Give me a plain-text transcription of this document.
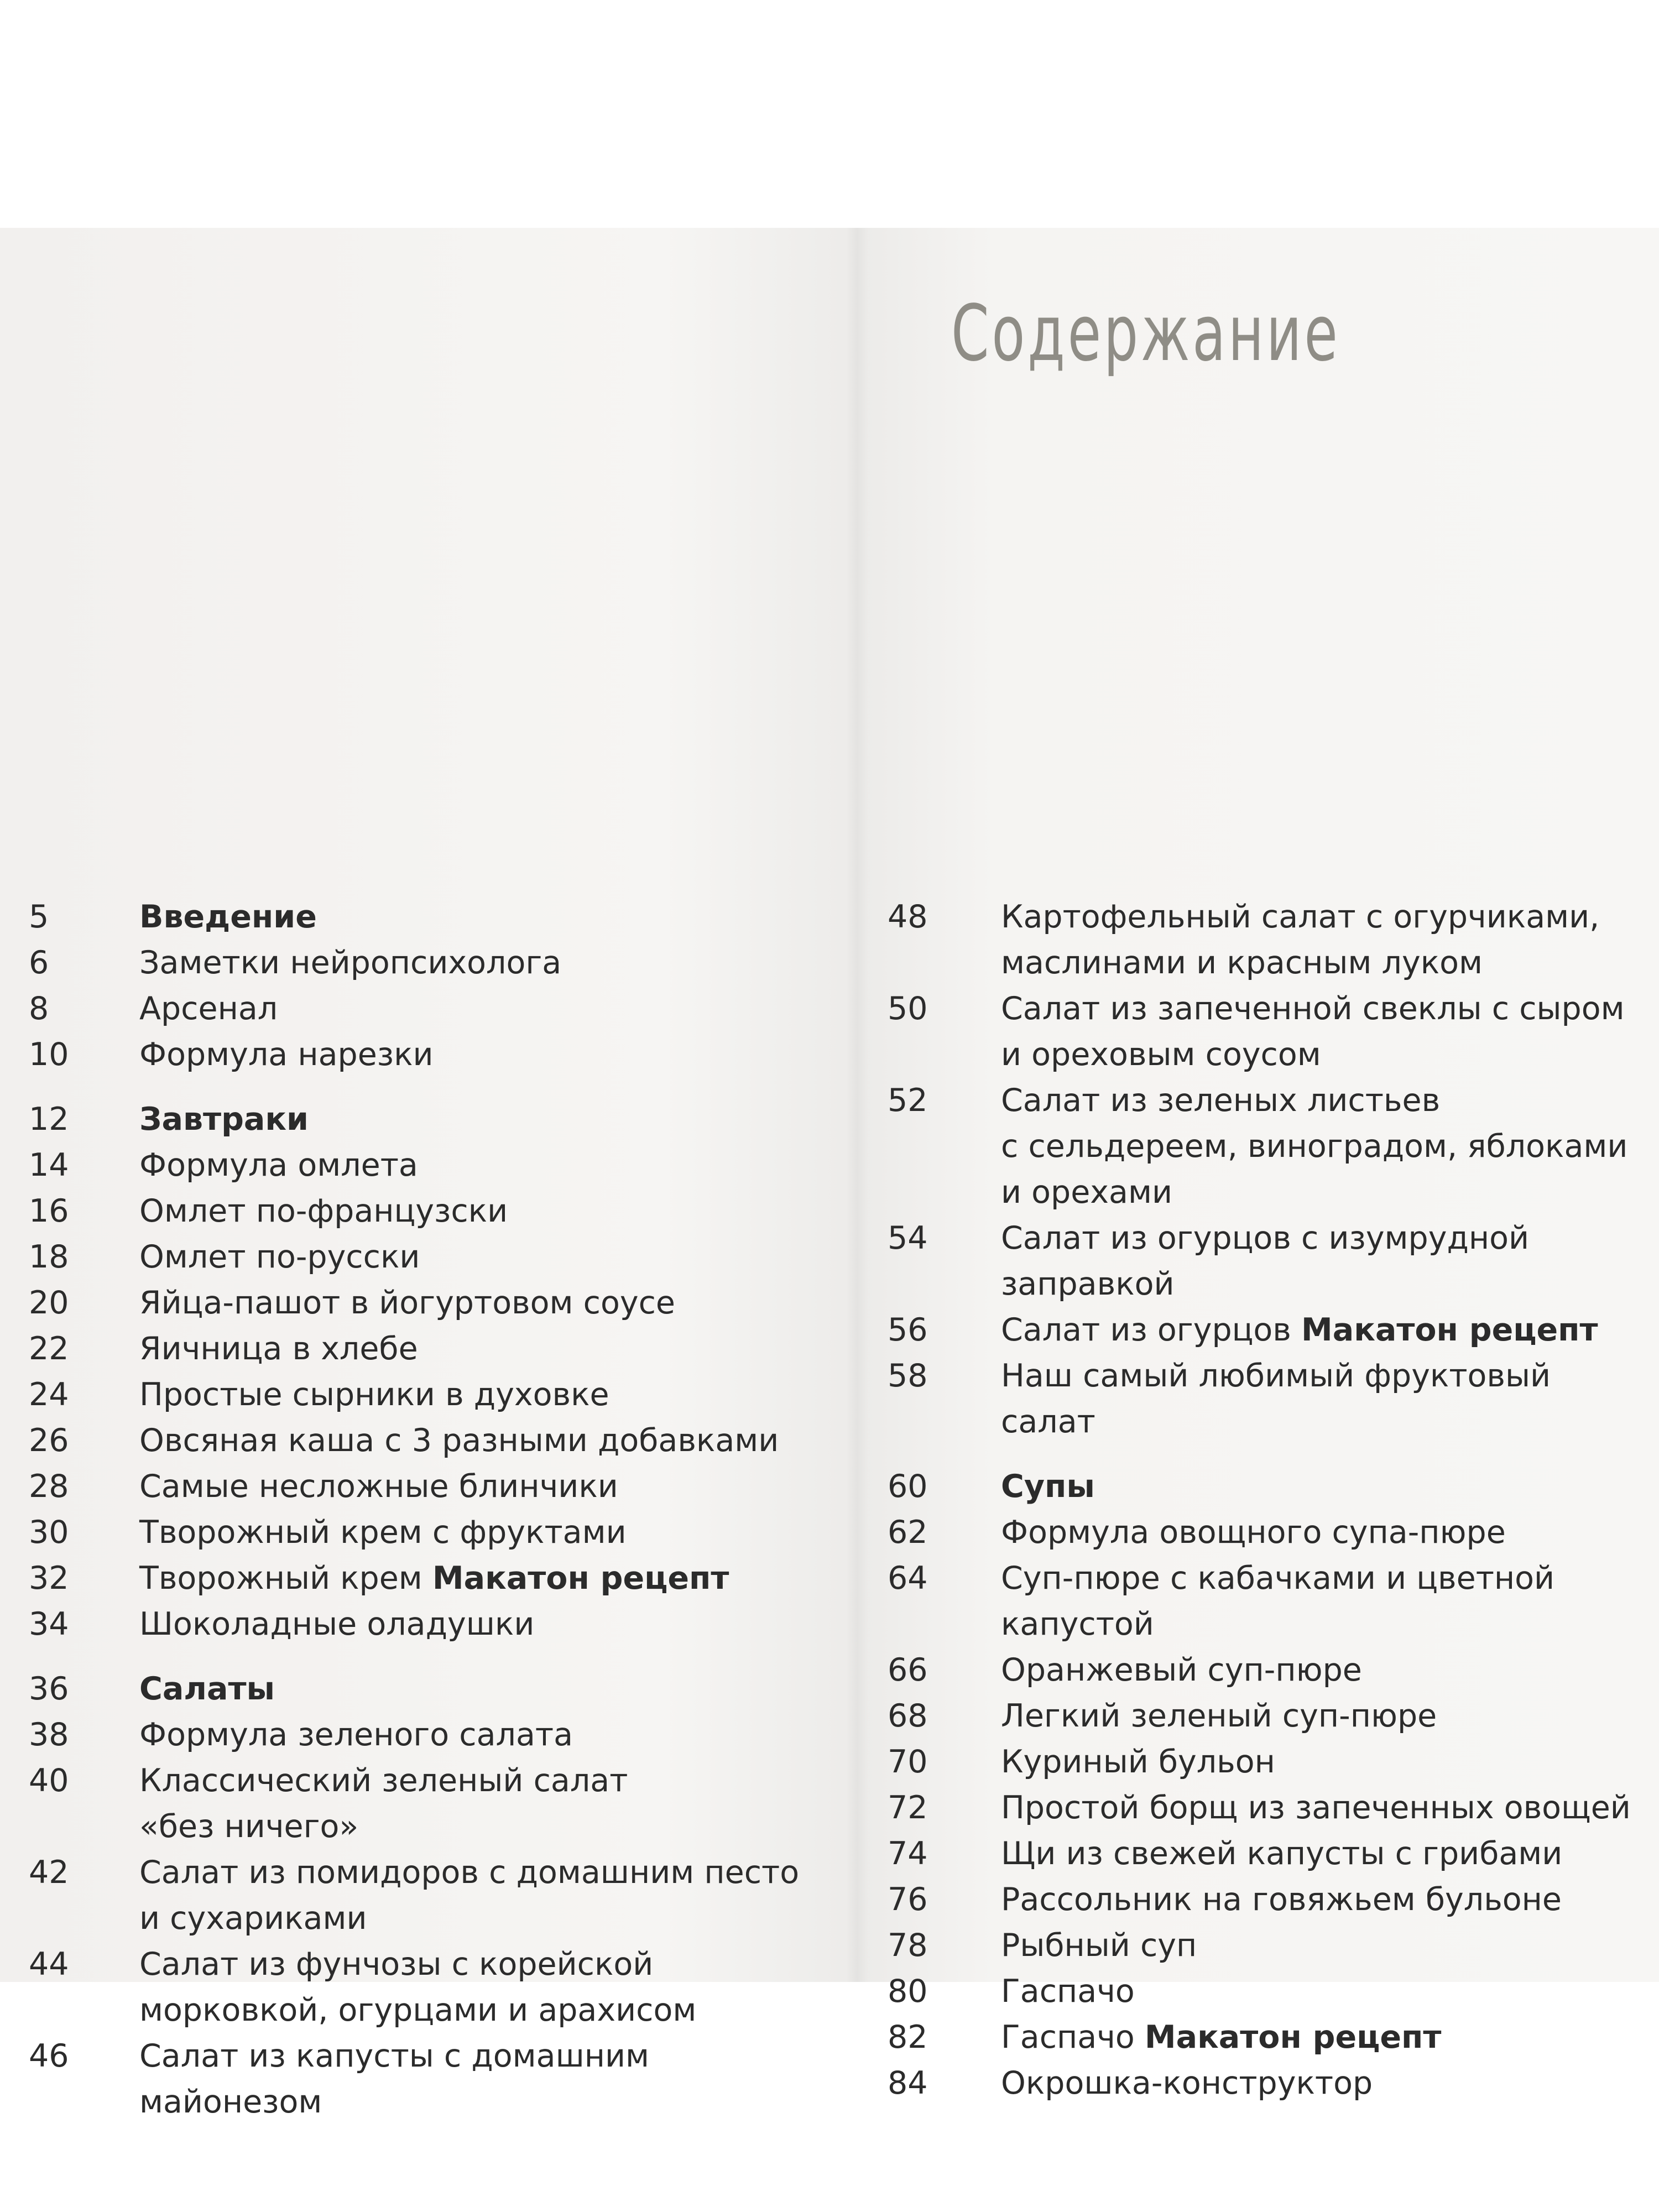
Содержание
5	Введение
6	Заметки нейропсихолога
8	Арсенал
10	Формула нарезки
12	Завтраки
14	Формула омлета
16	Омлет по-французски
18	Омлет по-русски
20	Яйца-пашот в йогуртовом соусе
22	Яичница в хлебе
24	Простые сырники в духовке
26	Овсяная каша с 3 разными добавками
28	Самые несложные блинчики
30	Творожный крем с фруктами
32	Творожный крем Макатон рецепт
34	Шоколадные оладушки
36	Салаты
38	Формула зеленого салата
40	Классический зеленый салат
«без ничего»
42	Салат из помидоров с домашним песто
и сухариками
44	Салат из фунчозы с корейской
морковкой, огурцами и арахисом
46	Салат из капусты с домашним
майонезом
48	Картофельный салат с огурчиками,
маслинами и красным луком
50	Салат из запеченной свеклы с сыром
и ореховым соусом
52	Салат из зеленых листьев
с сельдереем, виноградом, яблоками
и орехами
54	Салат из огурцов с изумрудной
заправкой
56	Салат из огурцов Макатон рецепт
58	Наш самый любимый фруктовый
салат
60	Супы
62	Формула овощного супа-пюре
64	Суп-пюре с кабачками и цветной
капустой
66	Оранжевый суп-пюре
68	Легкий зеленый суп-пюре
70	Куриный бульон
72	Простой борщ из запеченных овощей
74	Щи из свежей капусты с грибами
76	Рассольник на говяжьем бульоне
78	Рыбный суп
80	Гаспачо
82	Гаспачо Макатон рецепт
84	Окрошка-конструктор
